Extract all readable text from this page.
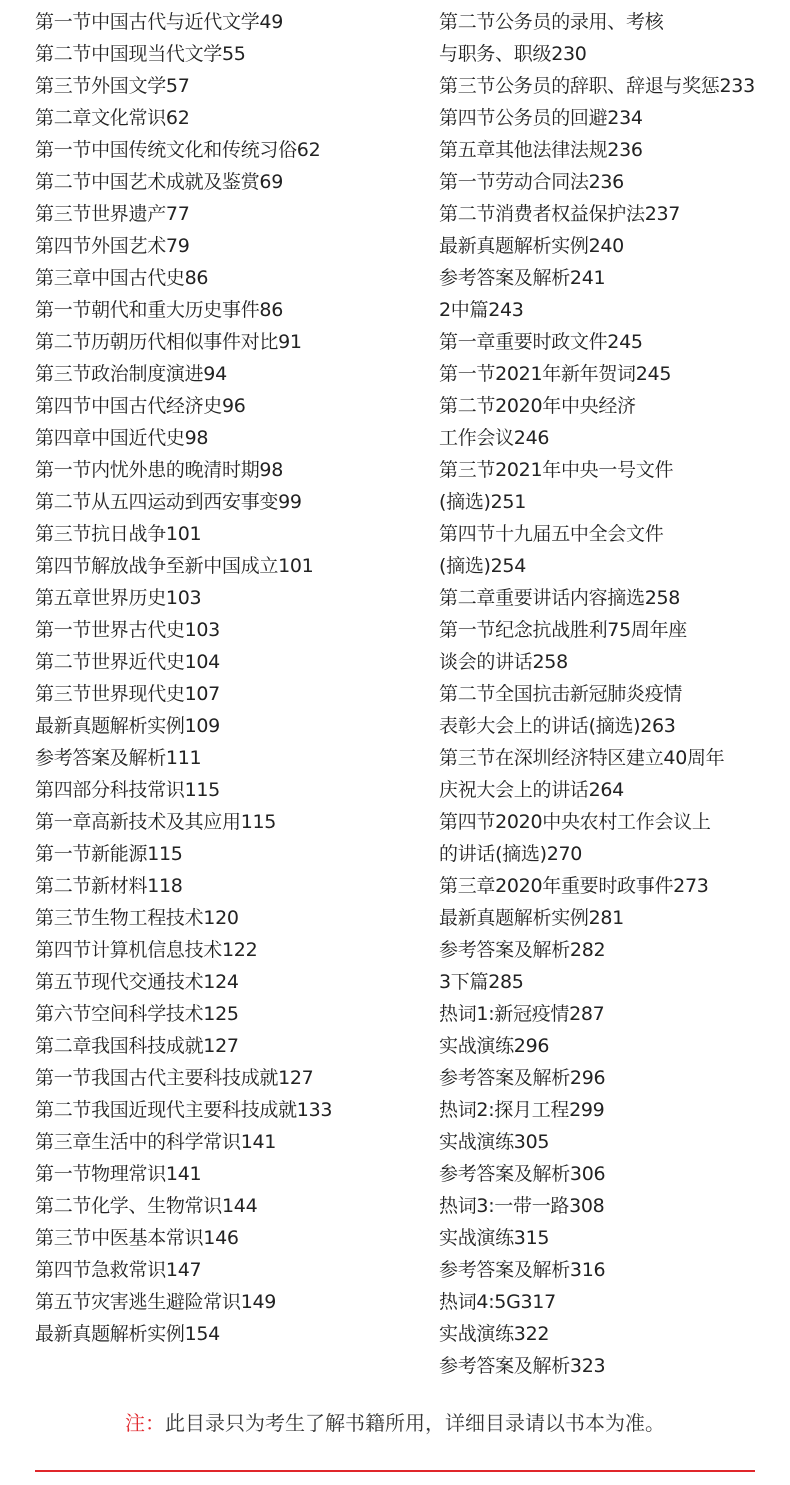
第一节中国古代与近代文学49
第二节中国现当代文学55
第三节外国文学57
第二章文化常识62
第一节中国传统文化和传统习俗62
第二节中国艺术成就及鉴赏69
第三节世界遗产77
第四节外国艺术79
第三章中国古代史86
第一节朝代和重大历史事件86
第二节历朝历代相似事件对比91
第三节政治制度演进94
第四节中国古代经济史96
第四章中国近代史98
第一节内忧外患的晚清时期98
第二节从五四运动到西安事变99
第三节抗日战争101
第四节解放战争至新中国成立101
第五章世界历史103
第一节世界古代史103
第二节世界近代史104
第三节世界现代史107
最新真题解析实例109
参考答案及解析111
第四部分科技常识115
第一章高新技术及其应用115
第一节新能源115
第二节新材料118
第三节生物工程技术120
第四节计算机信息技术122
第五节现代交通技术124
第六节空间科学技术125
第二章我国科技成就127
第一节我国古代主要科技成就127
第二节我国近现代主要科技成就133
第三章生活中的科学常识141
第一节物理常识141
第二节化学、生物常识144
第三节中医基本常识146
第四节急救常识147
第五节灾害逃生避险常识149
最新真题解析实例154
第二节公务员的录用、考核
与职务、职级230
第三节公务员的辞职、辞退与奖惩233
第四节公务员的回避234
第五章其他法律法规236
第一节劳动合同法236
第二节消费者权益保护法237
最新真题解析实例240
参考答案及解析241
2中篇243
第一章重要时政文件245
第一节2021年新年贺词245
第二节2020年中央经济
工作会议246
第三节2021年中央一号文件
(摘选)251
第四节十九届五中全会文件
(摘选)254
第二章重要讲话内容摘选258
第一节纪念抗战胜利75周年座
谈会的讲话258
第二节全国抗击新冠肺炎疫情
表彰大会上的讲话(摘选)263
第三节在深圳经济特区建立40周年
庆祝大会上的讲话264
第四节2020中央农村工作会议上
的讲话(摘选)270
第三章2020年重要时政事件273
最新真题解析实例281
参考答案及解析282
3下篇285
热词1:新冠疫情287
实战演练296
参考答案及解析296
热词2:探月工程299
实战演练305
参考答案及解析306
热词3:一带一路308
实战演练315
参考答案及解析316
热词4:5G317
实战演练322
参考答案及解析323
注：此目录只为考生了解书籍所用，详细目录请以书本为准。
